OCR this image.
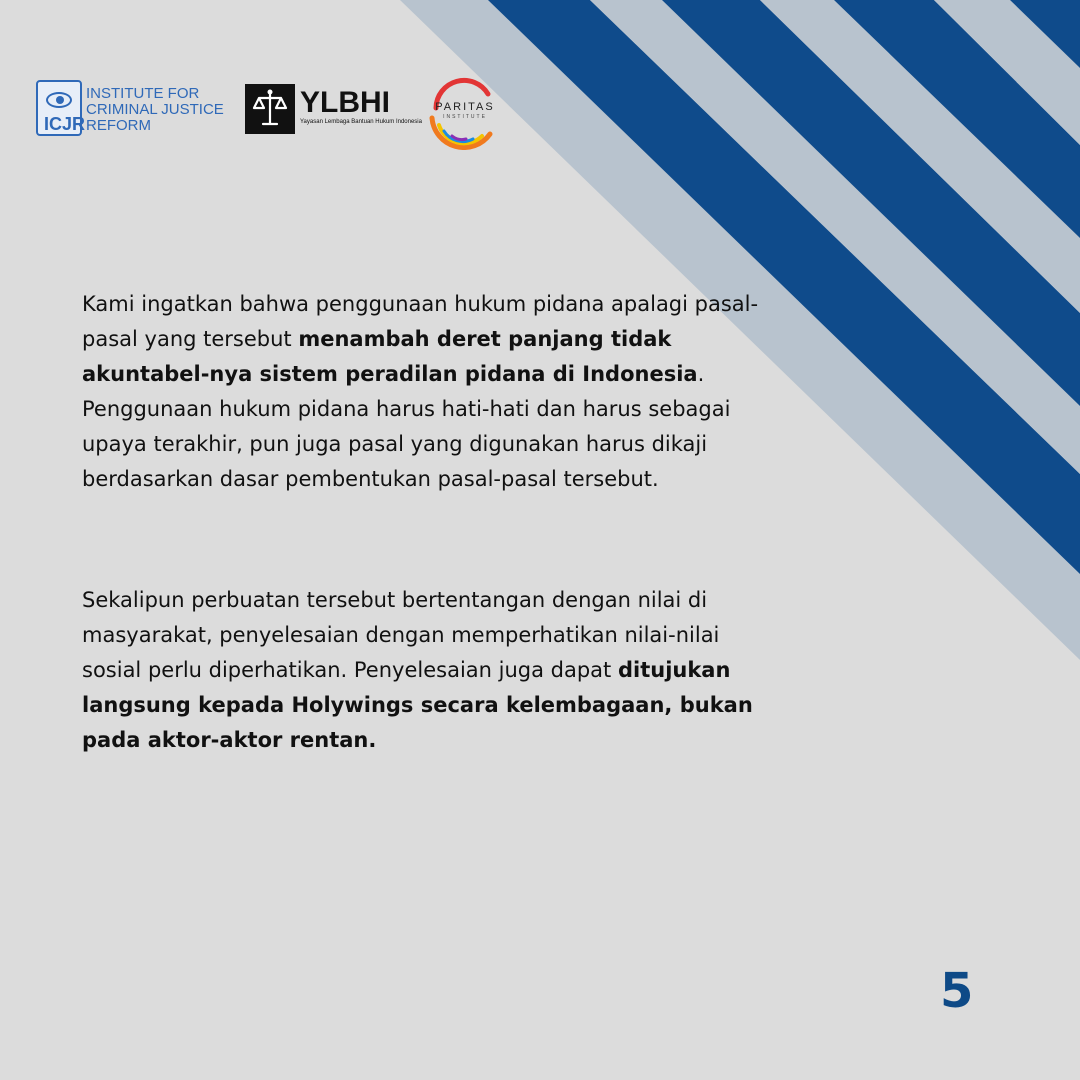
ICJR
INSTITUTE FOR
CRIMINAL JUSTICE
REFORM
YLBHI
Yayasan Lembaga Bantuan Hukum Indonesia
PARITAS
INSTITUTE

Kami ingatkan bahwa penggunaan hukum pidana apalagi pasal-pasal yang tersebut menambah deret panjang tidak akuntabel-nya sistem peradilan pidana di Indonesia. Penggunaan hukum pidana harus hati-hati dan harus sebagai upaya terakhir, pun juga pasal yang digunakan harus dikaji berdasarkan dasar pembentukan pasal-pasal tersebut.

Sekalipun perbuatan tersebut bertentangan dengan nilai di masyarakat, penyelesaian dengan memperhatikan nilai-nilai sosial perlu diperhatikan. Penyelesaian juga dapat ditujukan langsung kepada Holywings secara kelembagaan, bukan pada aktor-aktor rentan.

5
